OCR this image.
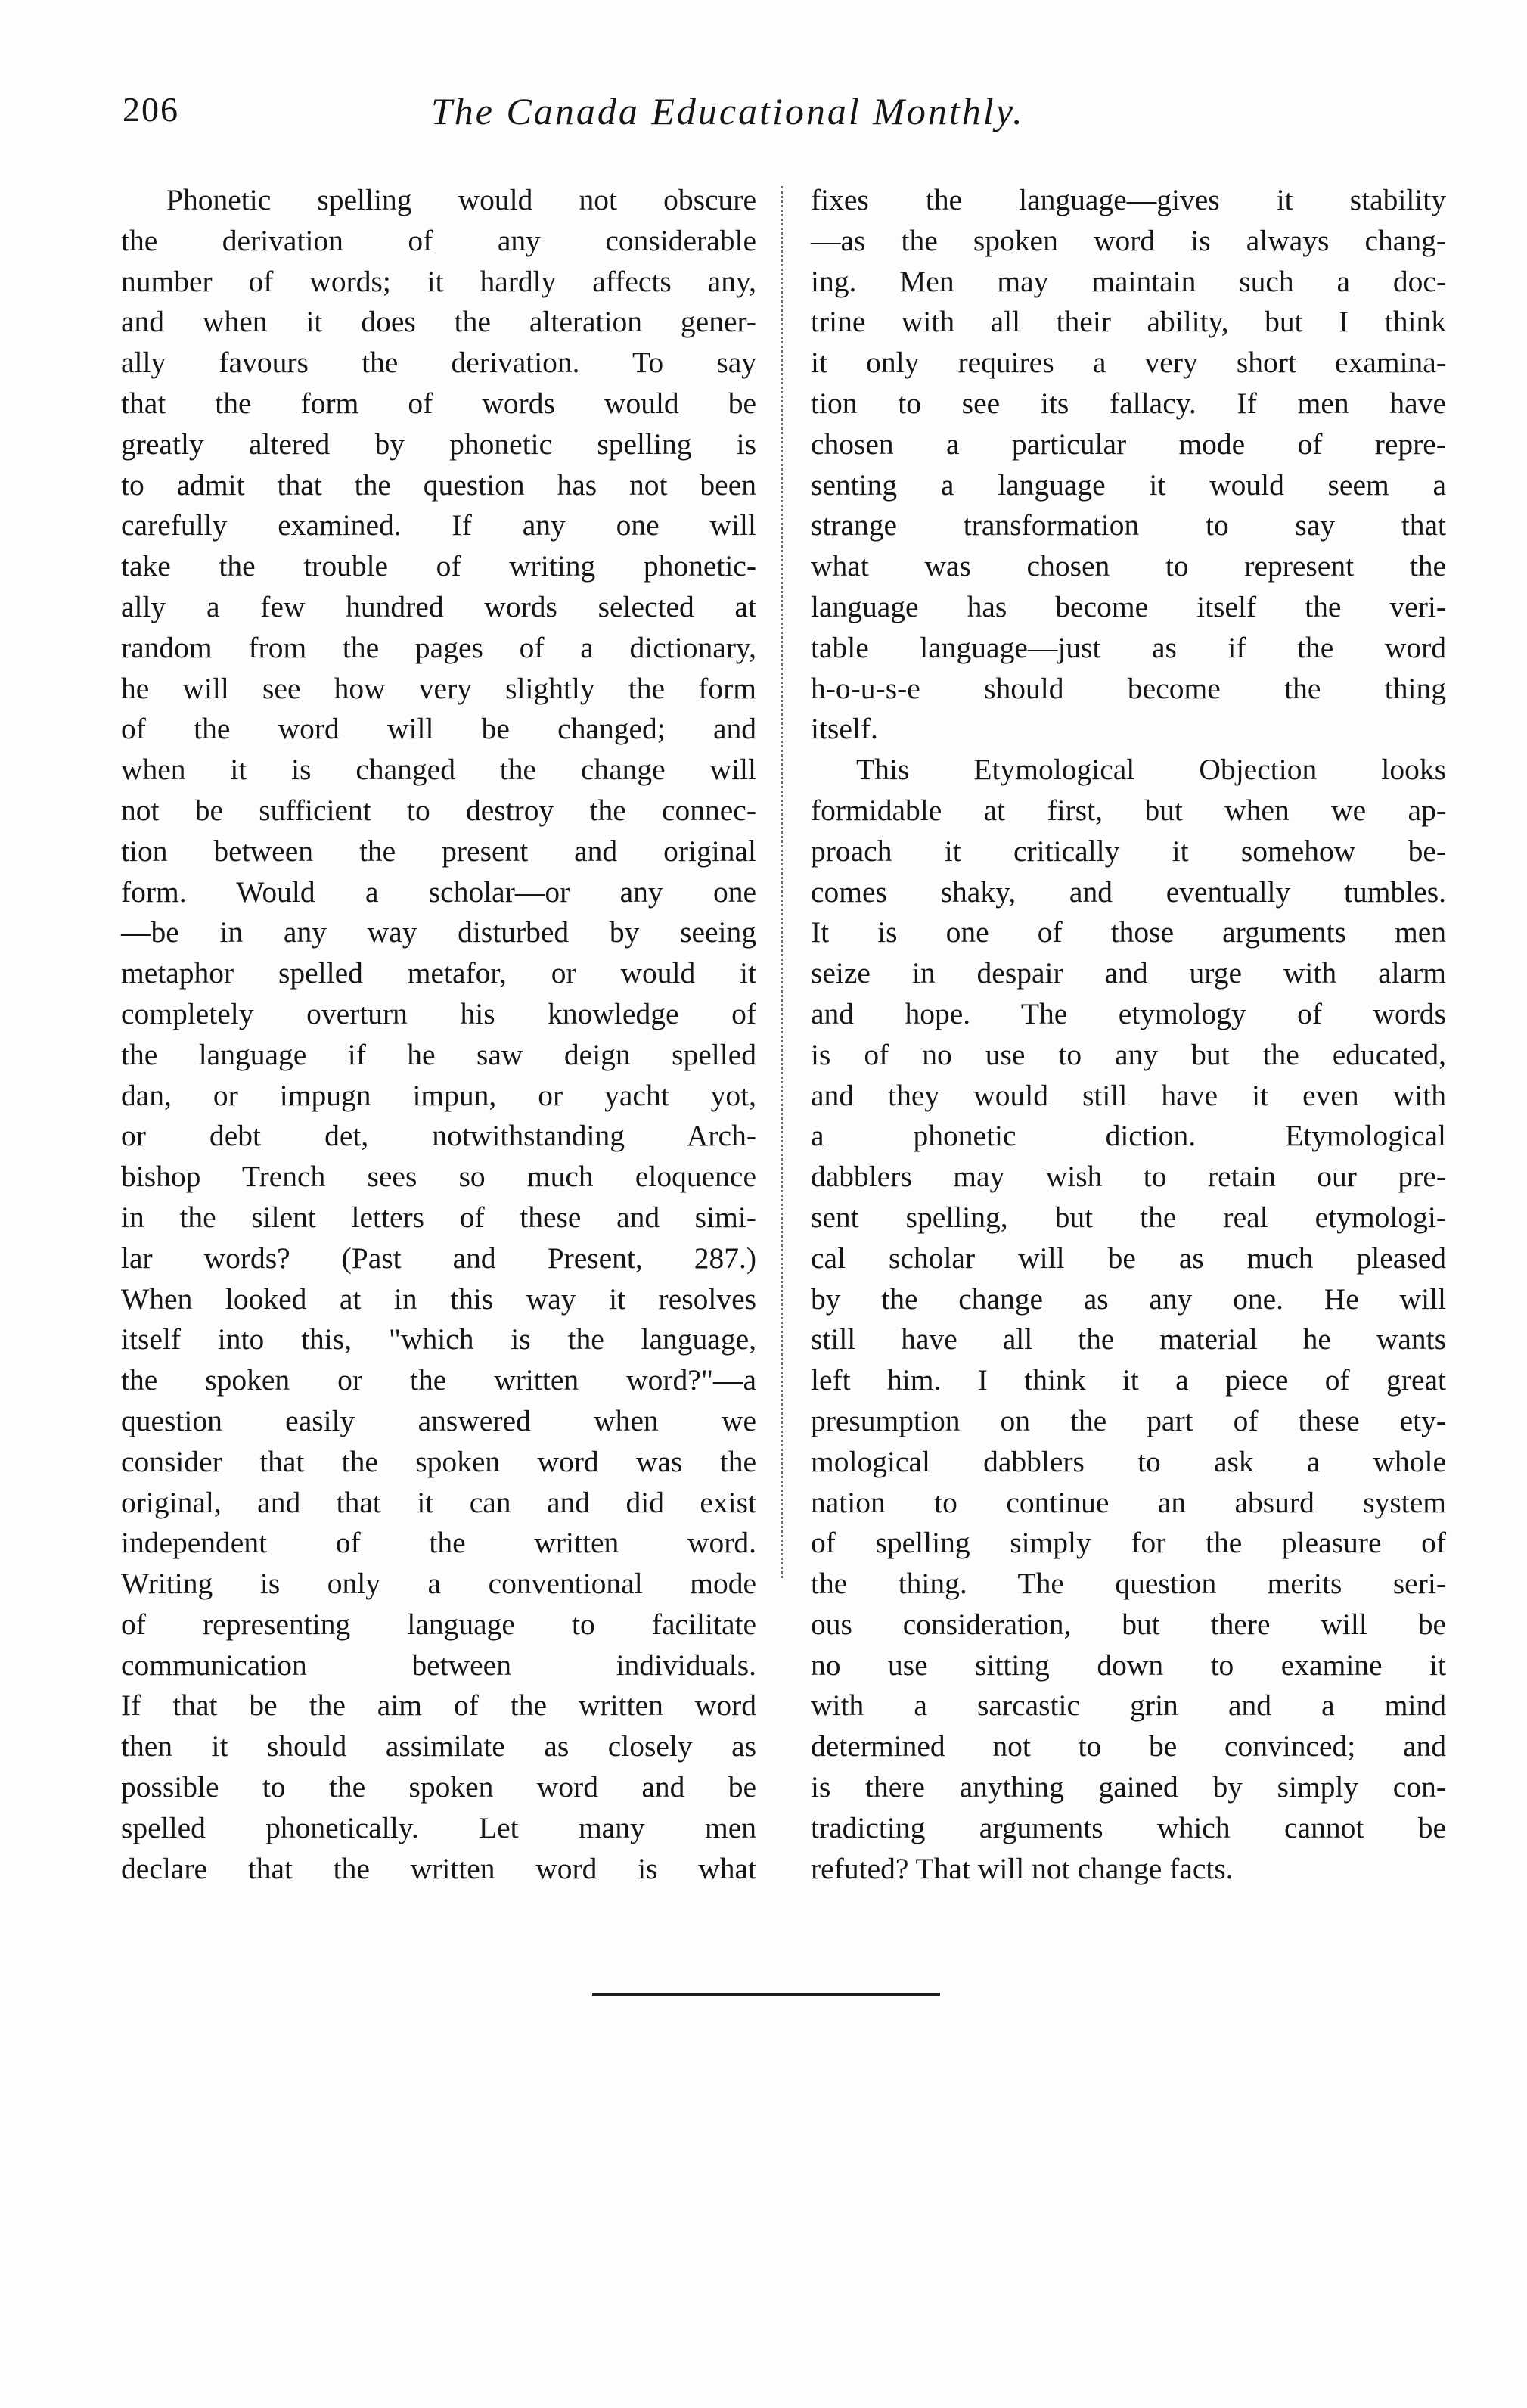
206	The Canada Educational Monthly.
Phonetic spelling would not obscure
the derivation of any considerable
number of words; it hardly affects any,
and when it does the alteration gener-
ally favours the derivation. To say
that the form of words would be
greatly altered by phonetic spelling is
to admit that the question has not been
carefully examined. If any one will
take the trouble of writing phonetic-
ally a few hundred words selected at
random from the pages of a dictionary,
he will see how very slightly the form
of the word will be changed; and
when it is changed the change will
not be sufficient to destroy the connec-
tion between the present and original
form. Would a scholar—or any one
—be in any way disturbed by seeing
metaphor spelled metafor, or would it
completely overturn his knowledge of
the language if he saw deign spelled
dan, or impugn impun, or yacht yot,
or debt det, notwithstanding Arch-
bishop Trench sees so much eloquence
in the silent letters of these and simi-
lar words? (Past and Present, 287.)
When looked at in this way it resolves
itself into this, "which is the language,
the spoken or the written word?"—a
question easily answered when we
consider that the spoken word was the
original, and that it can and did exist
independent of the written word.
Writing is only a conventional mode
of representing language to facilitate
communication between individuals.
If that be the aim of the written word
then it should assimilate as closely as
possible to the spoken word and be
spelled phonetically. Let many men
declare that the written word is what
fixes the language—gives it stability
—as the spoken word is always chang-
ing. Men may maintain such a doc-
trine with all their ability, but I think
it only requires a very short examina-
tion to see its fallacy. If men have
chosen a particular mode of repre-
senting a language it would seem a
strange transformation to say that
what was chosen to represent the
language has become itself the veri-
table language—just as if the word
h-o-u-s-e should become the thing
itself.
This Etymological Objection looks
formidable at first, but when we ap-
proach it critically it somehow be-
comes shaky, and eventually tumbles.
It is one of those arguments men
seize in despair and urge with alarm
and hope. The etymology of words
is of no use to any but the educated,
and they would still have it even with
a phonetic diction. Etymological
dabblers may wish to retain our pre-
sent spelling, but the real etymologi-
cal scholar will be as much pleased
by the change as any one. He will
still have all the material he wants
left him. I think it a piece of great
presumption on the part of these ety-
mological dabblers to ask a whole
nation to continue an absurd system
of spelling simply for the pleasure of
the thing. The question merits seri-
ous consideration, but there will be
no use sitting down to examine it
with a sarcastic grin and a mind
determined not to be convinced; and
is there anything gained by simply con-
tradicting arguments which cannot be
refuted? That will not change facts.
